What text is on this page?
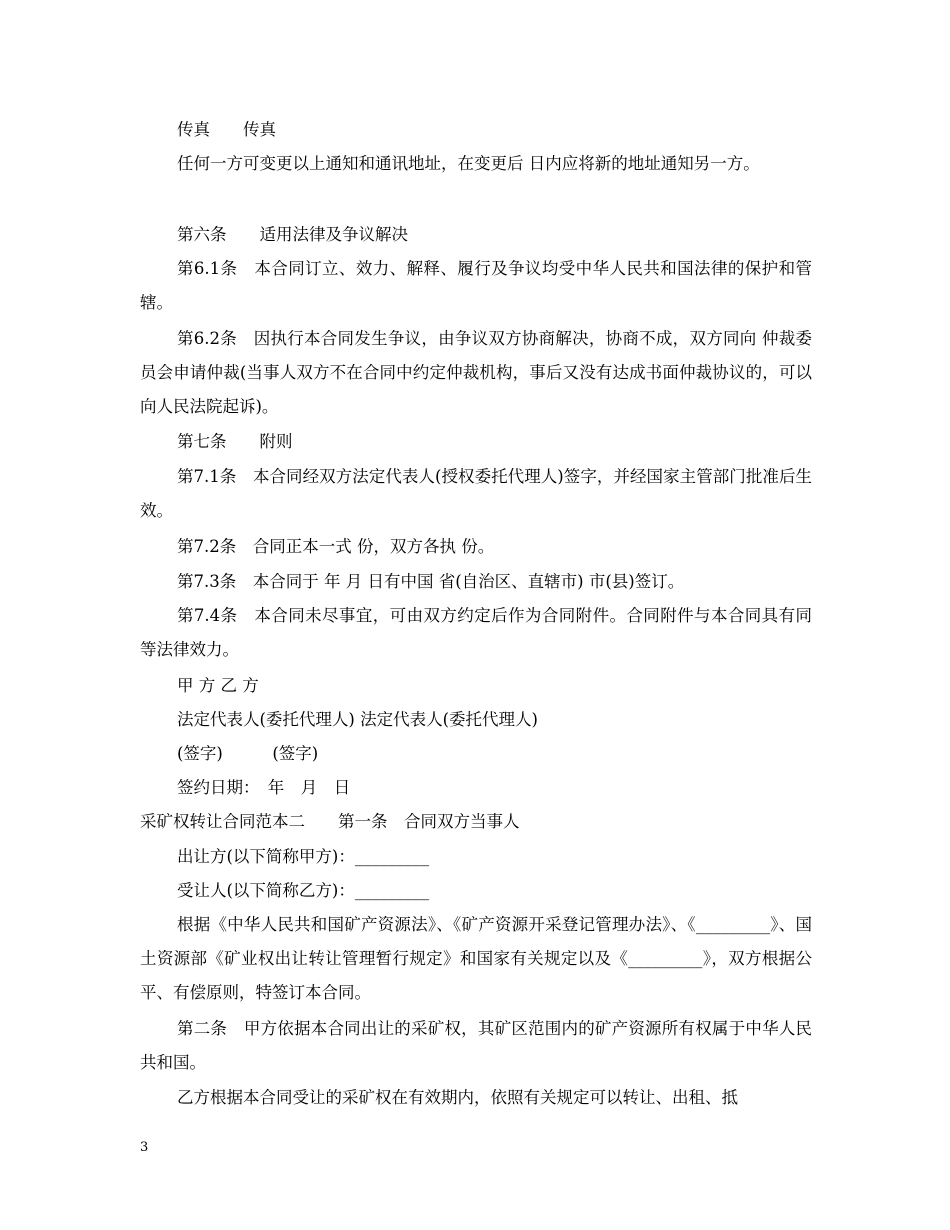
传真　　传真

任何一方可变更以上通知和通讯地址，在变更后 日内应将新的地址通知另一方。

第六条　　适用法律及争议解决

第6.1条　本合同订立、效力、解释、履行及争议均受中华人民共和国法律的保护和管辖。

第6.2条　因执行本合同发生争议，由争议双方协商解决，协商不成，双方同向 仲裁委员会申请仲裁(当事人双方不在合同中约定仲裁机构，事后又没有达成书面仲裁协议的，可以向人民法院起诉)。

第七条　　附则

第7.1条　本合同经双方法定代表人(授权委托代理人)签字，并经国家主管部门批准后生效。

第7.2条　合同正本一式 份，双方各执 份。

第7.3条　本合同于 年 月 日有中国 省(自治区、直辖市) 市(县)签订。

第7.4条　本合同未尽事宜，可由双方约定后作为合同附件。合同附件与本合同具有同等法律效力。

甲 方 乙 方

法定代表人(委托代理人) 法定代表人(委托代理人)

(签字)　　　(签字)

签约日期：　年　月　日

采矿权转让合同范本二　　第一条　合同双方当事人

出让方(以下简称甲方)：_________

受让人(以下简称乙方)：_________

根据《中华人民共和国矿产资源法》、《矿产资源开采登记管理办法》、《_________》、国土资源部《矿业权出让转让管理暂行规定》和国家有关规定以及《_________》，双方根据公平、有偿原则，特签订本合同。

第二条　甲方依据本合同出让的采矿权，其矿区范围内的矿产资源所有权属于中华人民共和国。

乙方根据本合同受让的采矿权在有效期内，依照有关规定可以转让、出租、抵

3
